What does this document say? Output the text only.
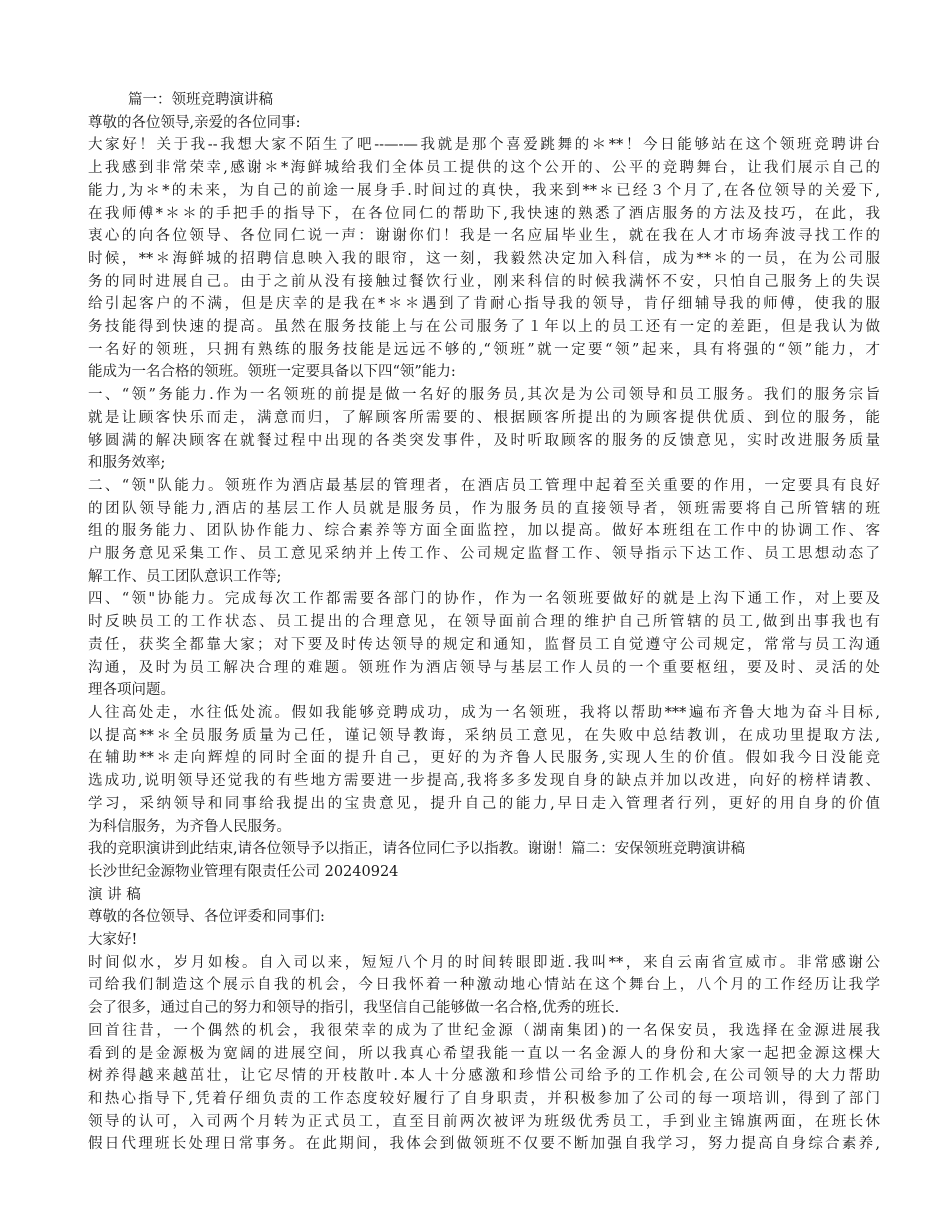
篇一：领班竞聘演讲稿
尊敬的各位领导,亲爱的各位同事:
大家好！关于我--我想大家不陌生了吧--—-—我就是那个喜爱跳舞的＊**！今日能够站在这个领班竞聘讲台
上我感到非常荣幸,感谢＊*海鲜城给我们全体员工提供的这个公开的、公平的竞聘舞台，让我们展示自己的
能力,为＊*的未来，为自己的前途一展身手.时间过的真快，我来到**＊已经３个月了,在各位领导的关爱下,
在我师傅*＊＊的手把手的指导下，在各位同仁的帮助下,我快速的熟悉了酒店服务的方法及技巧，在此，我
衷心的向各位领导、各位同仁说一声：谢谢你们！我是一名应届毕业生，就在我在人才市场奔波寻找工作的
时候，**＊海鲜城的招聘信息映入我的眼帘，这一刻，我毅然决定加入科信，成为**＊的一员，在为公司服
务的同时进展自己。由于之前从没有接触过餐饮行业，刚来科信的时候我满怀不安，只怕自己服务上的失误
给引起客户的不满，但是庆幸的是我在*＊＊遇到了肯耐心指导我的领导，肯仔细辅导我的师傅，使我的服
务技能得到快速的提高。虽然在服务技能上与在公司服务了１年以上的员工还有一定的差距，但是我认为做
一名好的领班，只拥有熟练的服务技能是远远不够的,“领班”就一定要“领”起来，具有将强的“领”能力，才
能成为一名合格的领班。领班一定要具备以下四“领”能力:
一、“领”务能力.作为一名领班的前提是做一名好的服务员,其次是为公司领导和员工服务。我们的服务宗旨
就是让顾客快乐而走，满意而归，了解顾客所需要的、根据顾客所提出的为顾客提供优质、到位的服务，能
够圆满的解决顾客在就餐过程中出现的各类突发事件，及时听取顾客的服务的反馈意见，实时改进服务质量
和服务效率;
二、“领"队能力。领班作为酒店最基层的管理者，在酒店员工管理中起着至关重要的作用，一定要具有良好
的团队领导能力,酒店的基层工作人员就是服务员，作为服务员的直接领导者，领班需要将自己所管辖的班
组的服务能力、团队协作能力、综合素养等方面全面监控，加以提高。做好本班组在工作中的协调工作、客
户服务意见采集工作、员工意见采纳并上传工作、公司规定监督工作、领导指示下达工作、员工思想动态了
解工作、员工团队意识工作等;
四、“领"协能力。完成每次工作都需要各部门的协作，作为一名领班要做好的就是上沟下通工作，对上要及
时反映员工的工作状态、员工提出的合理意见，在领导面前合理的维护自己所管辖的员工,做到出事我也有
责任，获奖全都靠大家；对下要及时传达领导的规定和通知，监督员工自觉遵守公司规定，常常与员工沟通
沟通，及时为员工解决合理的难题。领班作为酒店领导与基层工作人员的一个重要枢纽，要及时、灵活的处
理各项问题。
人往高处走，水往低处流。假如我能够竞聘成功，成为一名领班，我将以帮助***遍布齐鲁大地为奋斗目标,
以提高**＊全员服务质量为己任，谨记领导教诲，采纳员工意见，在失败中总结教训，在成功里提取方法,
在辅助**＊走向辉煌的同时全面的提升自己，更好的为齐鲁人民服务,实现人生的价值。假如我今日没能竞
选成功,说明领导还觉我的有些地方需要进一步提高,我将多多发现自身的缺点并加以改进，向好的榜样请教、
学习，采纳领导和同事给我提出的宝贵意见，提升自己的能力,早日走入管理者行列，更好的用自身的价值
为科信服务，为齐鲁人民服务。
我的竞职演讲到此结束,请各位领导予以指正，请各位同仁予以指教。谢谢！篇二：安保领班竞聘演讲稿
长沙世纪金源物业管理有限责任公司 20240924
演 讲 稿
尊敬的各位领导、各位评委和同事们:
大家好!
时间似水，岁月如梭。自入司以来，短短八个月的时间转眼即逝.我叫**，来自云南省宣威市。非常感谢公
司给我们制造这个展示自我的机会，今日我怀着一种激动地心情站在这个舞台上，八个月的工作经历让我学
会了很多，通过自己的努力和领导的指引，我坚信自己能够做一名合格,优秀的班长.
回首往昔，一个偶然的机会，我很荣幸的成为了世纪金源（湖南集团)的一名保安员，我选择在金源进展我
看到的是金源极为宽阔的进展空间，所以我真心希望我能一直以一名金源人的身份和大家一起把金源这棵大
树养得越来越茁壮，让它尽情的开枝散叶.本人十分感激和珍惜公司给予的工作机会,在公司领导的大力帮助
和热心指导下,凭着仔细负责的工作态度较好履行了自身职责，并积极参加了公司的每一项培训，得到了部门
领导的认可，入司两个月转为正式员工，直至目前两次被评为班级优秀员工，手到业主锦旗两面，在班长休
假日代理班长处理日常事务。在此期间，我体会到做领班不仅要不断加强自我学习，努力提高自身综合素养,
